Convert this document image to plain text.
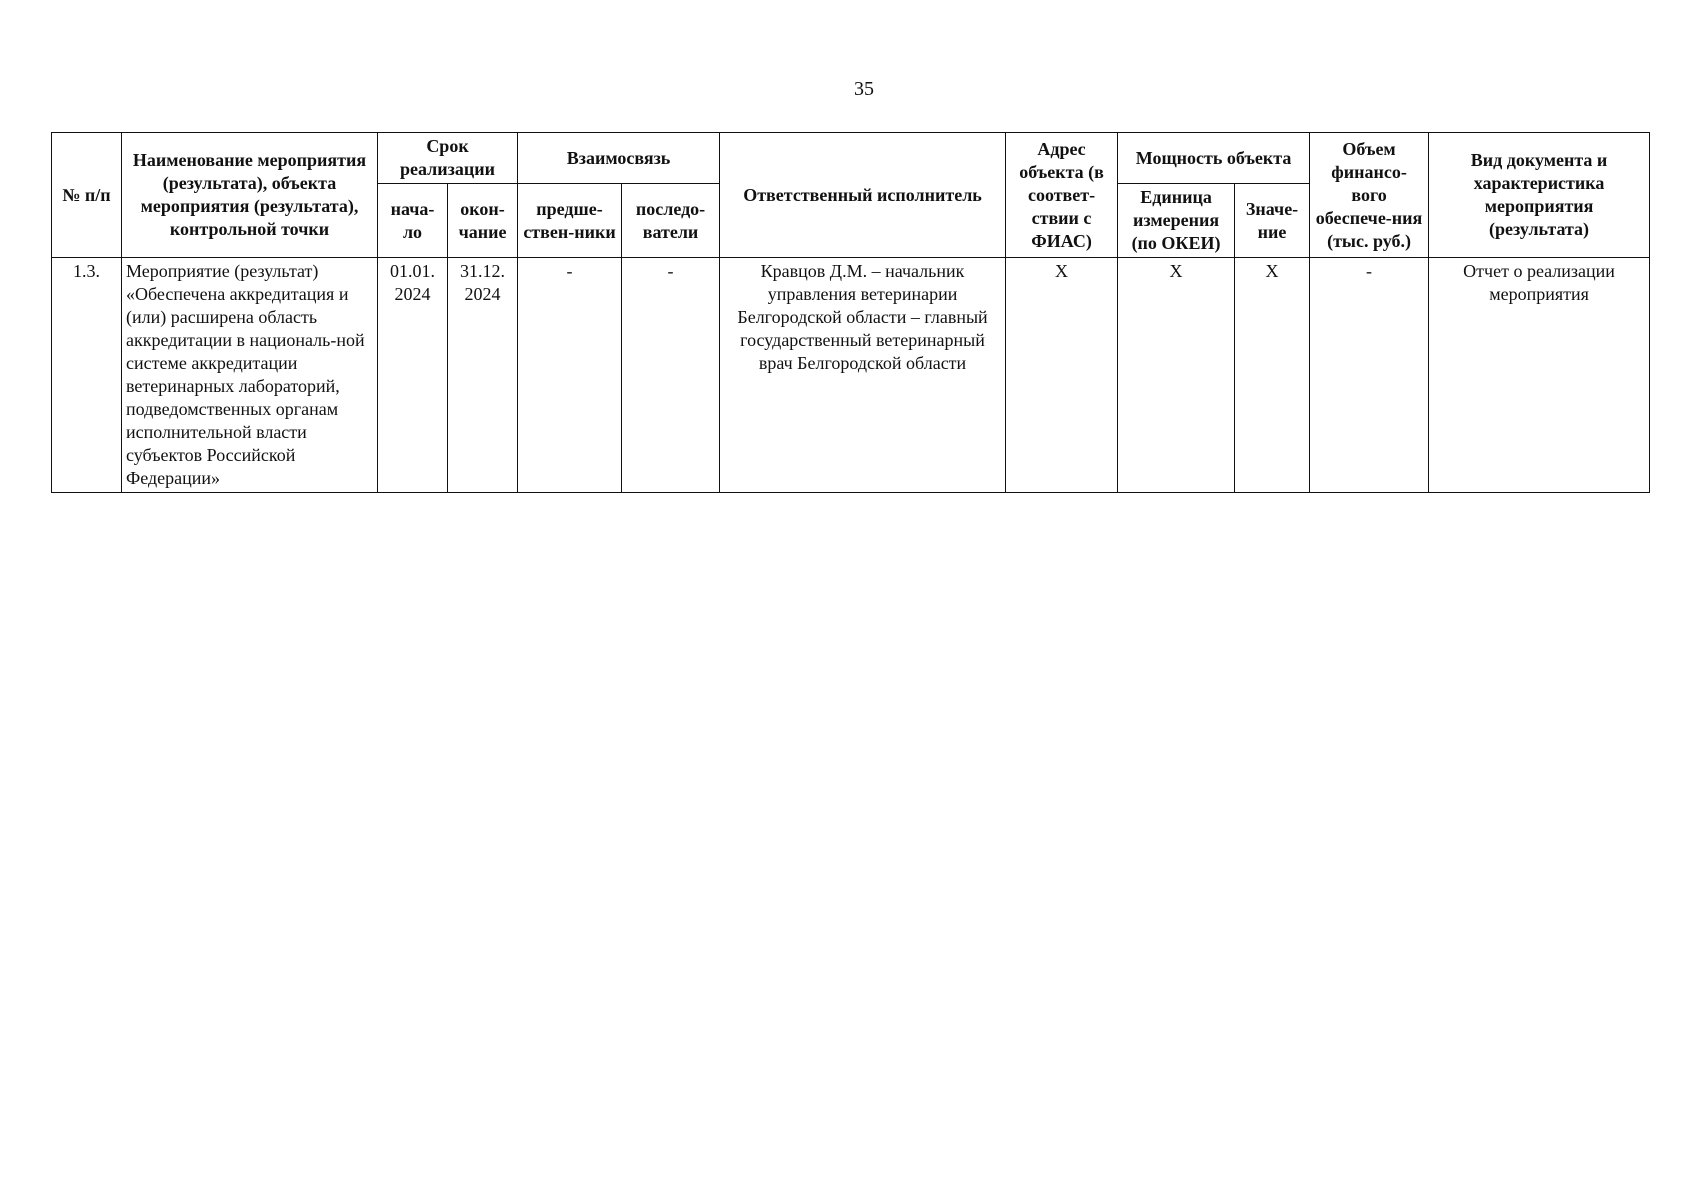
35
№ п/п	Наименование мероприятия (результата), объекта мероприятия (результата), контрольной точки	Срок реализации		Взаимосвязь		Ответственный исполнитель	Адрес объекта (в соответ-ствии с ФИАС)	Мощность объекта		Объем финансо-вого обеспече-ния (тыс. руб.)	Вид документа и характеристика мероприятия (результата)
		нача-ло	окон-чание	предше-ствен-ники	последо-ватели			Единица измерения (по ОКЕИ)	Значе-ние		
1.3.	Мероприятие (результат) «Обеспечена аккредитация и (или) расширена область аккредитации в националь-ной системе аккредитации ветеринарных лабораторий, подведомственных органам исполнительной власти субъектов Российской Федерации»	01.01. 2024	31.12. 2024	-	-	Кравцов Д.М. – начальник управления ветеринарии Белгородской области – главный государственный ветеринарный врач Белгородской области	Х	Х	Х	-	Отчет о реализации мероприятия
